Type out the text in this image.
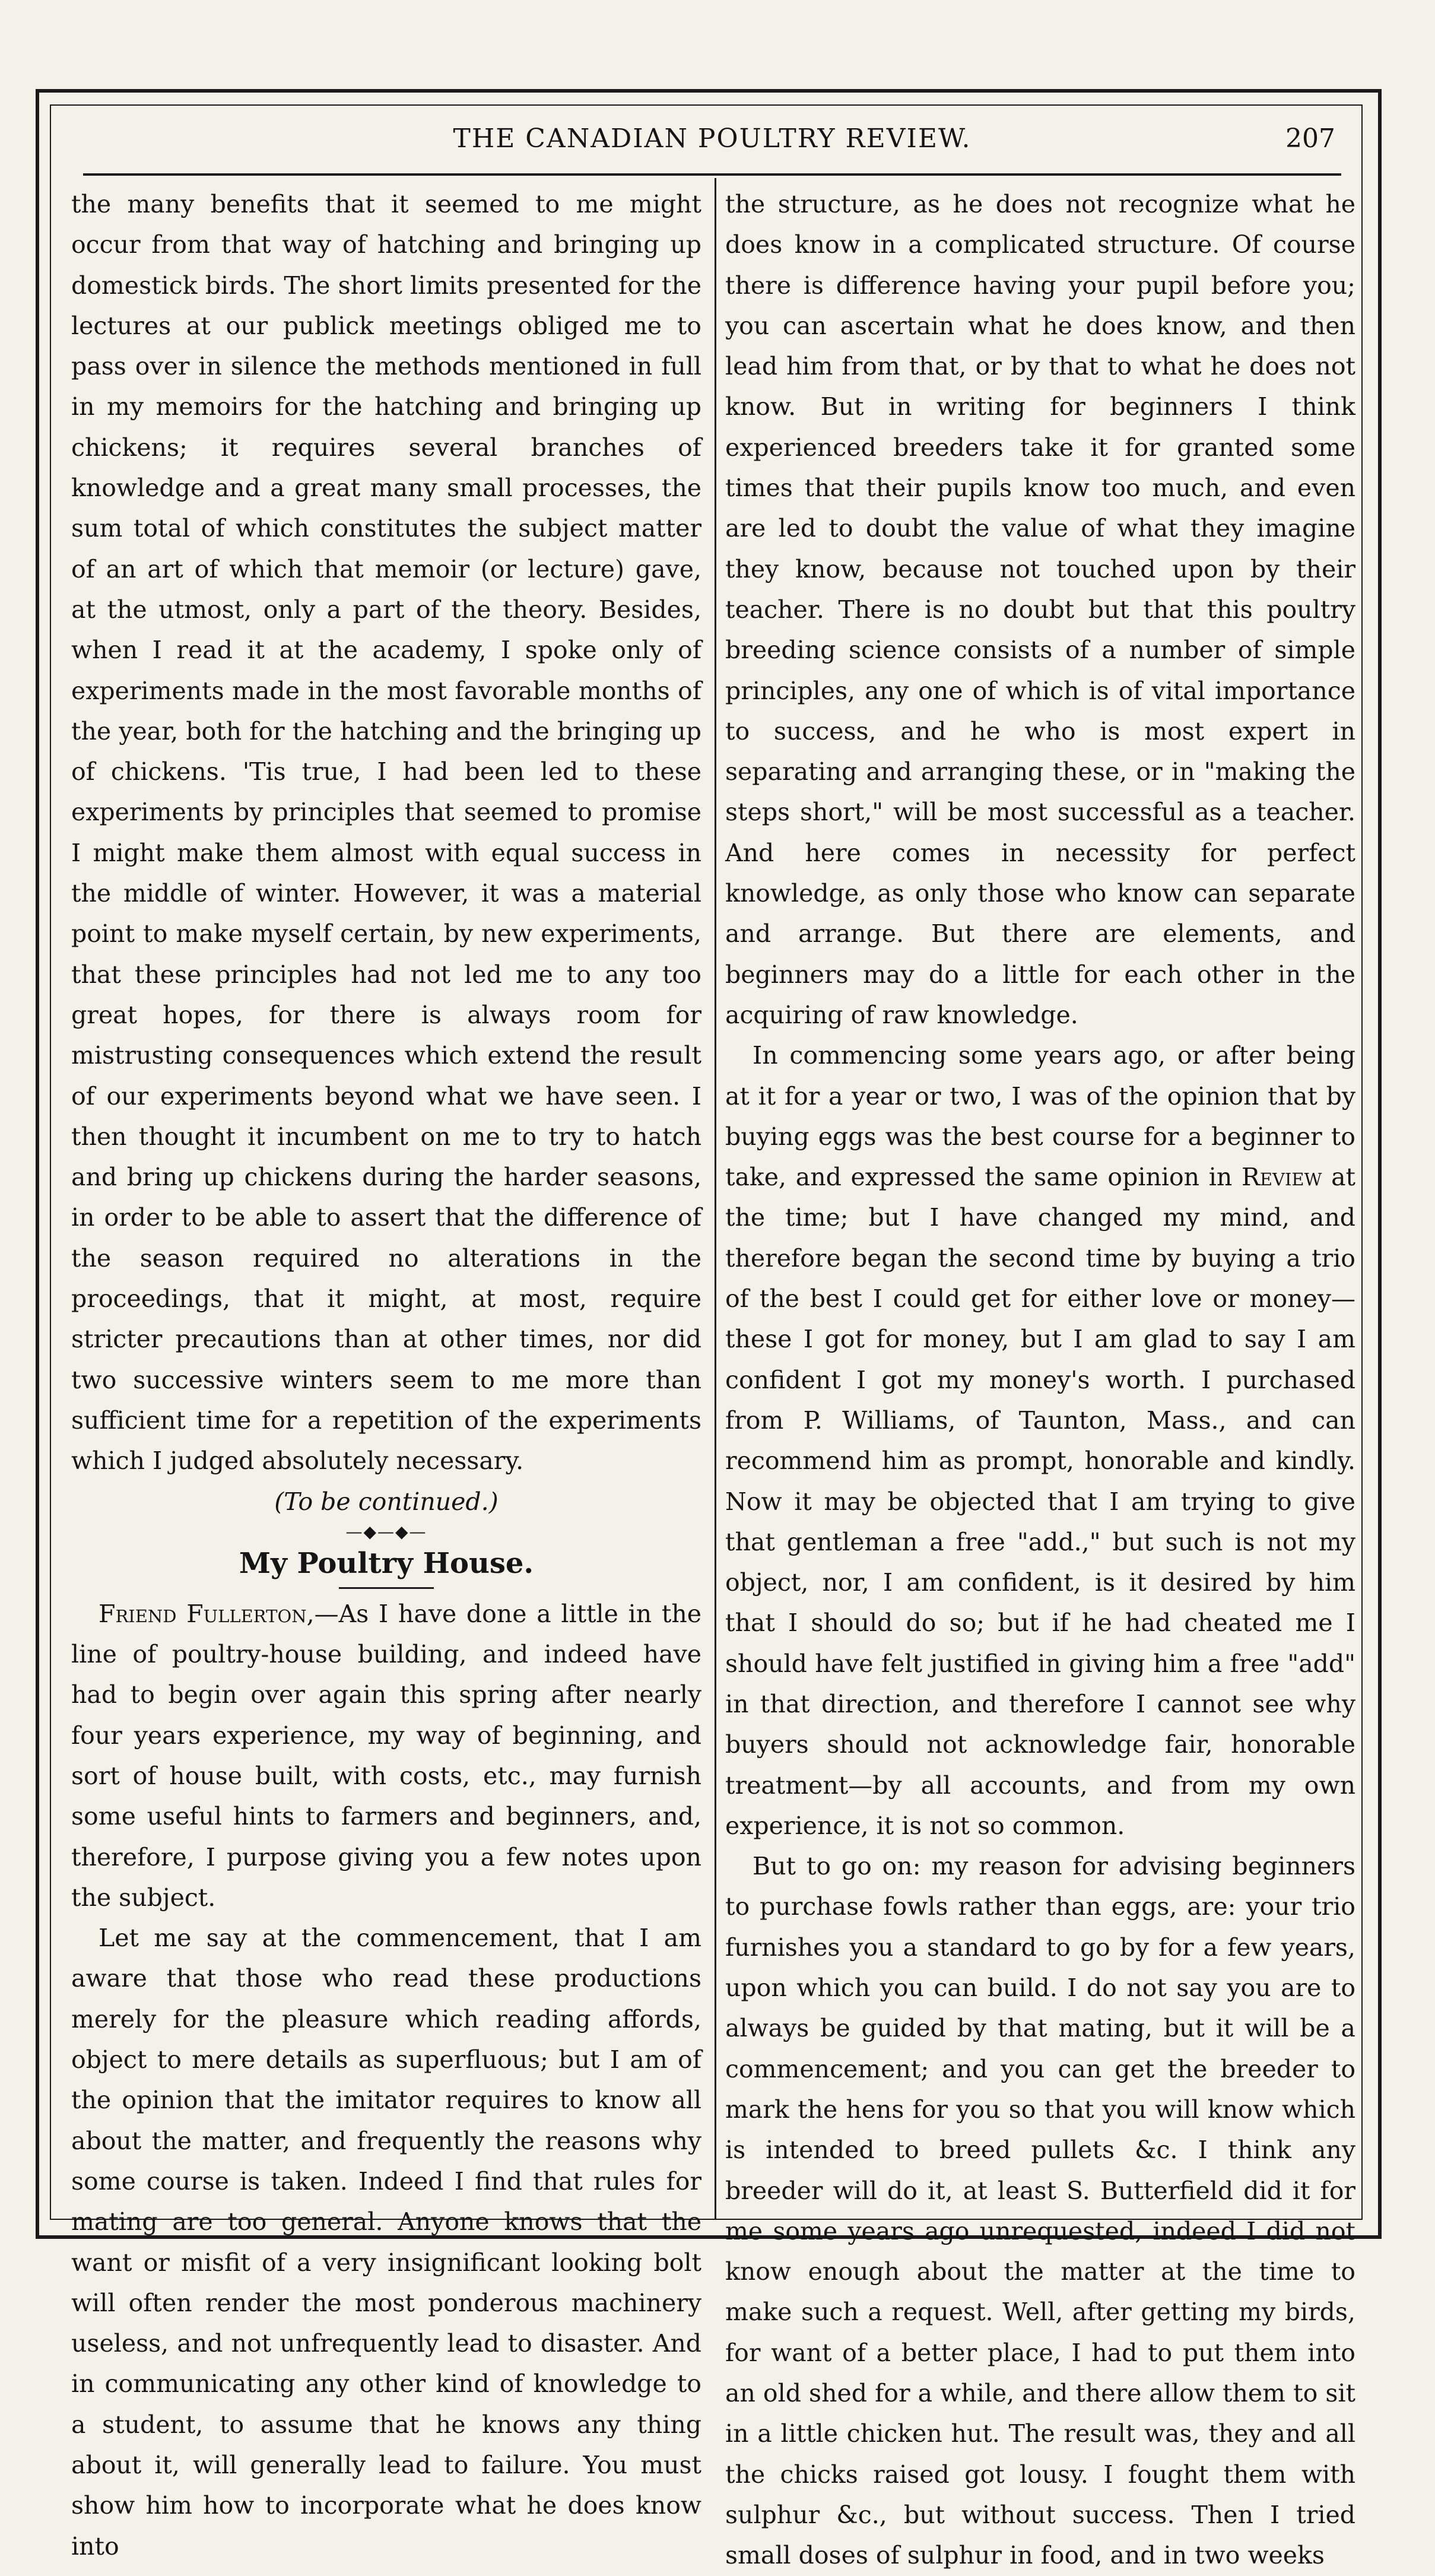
THE CANADIAN POULTRY REVIEW.	207

the many benefits that it seemed to me might occur from that way of hatching and bringing up domestick birds. The short limits presented for the lectures at our publick meetings obliged me to pass over in silence the methods mentioned in full in my memoirs for the hatching and bringing up chickens; it requires several branches of knowledge and a great many small processes, the sum total of which constitutes the subject matter of an art of which that memoir (or lecture) gave, at the utmost, only a part of the theory. Besides, when I read it at the academy, I spoke only of experiments made in the most favorable months of the year, both for the hatching and the bringing up of chickens. 'Tis true, I had been led to these experiments by principles that seemed to promise I might make them almost with equal success in the middle of winter. However, it was a material point to make myself certain, by new experiments, that these principles had not led me to any too great hopes, for there is always room for mistrusting consequences which extend the result of our experiments beyond what we have seen. I then thought it incumbent on me to try to hatch and bring up chickens during the harder seasons, in order to be able to assert that the difference of the season required no alterations in the proceedings, that it might, at most, require stricter precautions than at other times, nor did two successive winters seem to me more than sufficient time for a repetition of the experiments which I judged absolutely necessary.

(To be continued.)

—◆—◆—
My Poultry House.

Friend Fullerton,—As I have done a little in the line of poultry-house building, and indeed have had to begin over again this spring after nearly four years experience, my way of beginning, and sort of house built, with costs, etc., may furnish some useful hints to farmers and beginners, and, therefore, I purpose giving you a few notes upon the subject.

Let me say at the commencement, that I am aware that those who read these productions merely for the pleasure which reading affords, object to mere details as superfluous; but I am of the opinion that the imitator requires to know all about the matter, and frequently the reasons why some course is taken. Indeed I find that rules for mating are too general. Anyone knows that the want or misfit of a very insignificant looking bolt will often render the most ponderous machinery useless, and not unfrequently lead to disaster. And in communicating any other kind of knowledge to a student, to assume that he knows any thing about it, will generally lead to failure. You must show him how to incorporate what he does know into

the structure, as he does not recognize what he does know in a complicated structure. Of course there is difference having your pupil before you; you can ascertain what he does know, and then lead him from that, or by that to what he does not know. But in writing for beginners I think experienced breeders take it for granted some times that their pupils know too much, and even are led to doubt the value of what they imagine they know, because not touched upon by their teacher. There is no doubt but that this poultry breeding science consists of a number of simple principles, any one of which is of vital importance to success, and he who is most expert in separating and arranging these, or in "making the steps short," will be most successful as a teacher. And here comes in necessity for perfect knowledge, as only those who know can separate and arrange. But there are elements, and beginners may do a little for each other in the acquiring of raw knowledge.

In commencing some years ago, or after being at it for a year or two, I was of the opinion that by buying eggs was the best course for a beginner to take, and expressed the same opinion in Review at the time; but I have changed my mind, and therefore began the second time by buying a trio of the best I could get for either love or money—these I got for money, but I am glad to say I am confident I got my money's worth. I purchased from P. Williams, of Taunton, Mass., and can recommend him as prompt, honorable and kindly. Now it may be objected that I am trying to give that gentleman a free "add.," but such is not my object, nor, I am confident, is it desired by him that I should do so; but if he had cheated me I should have felt justified in giving him a free "add" in that direction, and therefore I cannot see why buyers should not acknowledge fair, honorable treatment—by all accounts, and from my own experience, it is not so common.

But to go on: my reason for advising beginners to purchase fowls rather than eggs, are: your trio furnishes you a standard to go by for a few years, upon which you can build. I do not say you are to always be guided by that mating, but it will be a commencement; and you can get the breeder to mark the hens for you so that you will know which is intended to breed pullets &c. I think any breeder will do it, at least S. Butterfield did it for me some years ago unrequested, indeed I did not know enough about the matter at the time to make such a request. Well, after getting my birds, for want of a better place, I had to put them into an old shed for a while, and there allow them to sit in a little chicken hut. The result was, they and all the chicks raised got lousy. I fought them with sulphur &c., but without success. Then I tried small doses of sulphur in food, and in two weeks
